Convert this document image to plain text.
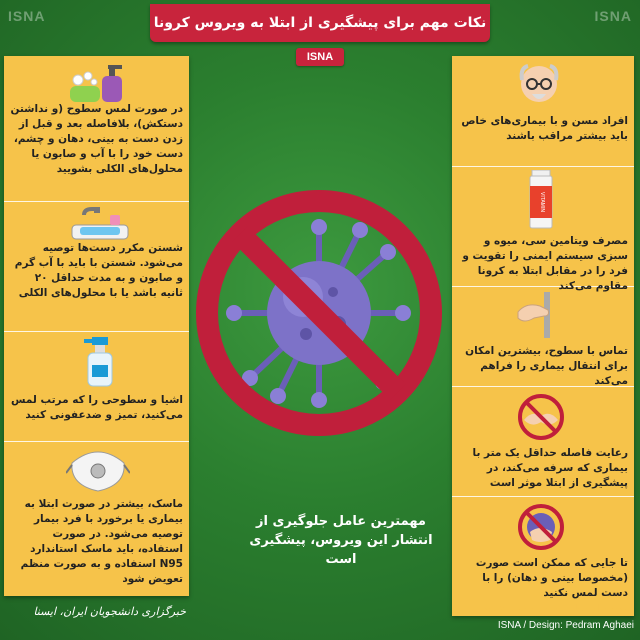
ISNA	ISNA
نکات مهم برای پیشگیری از ابتلا به ویروس کرونا
ISNA
مهمترین عامل جلوگیری از انتشار این ویروس، پیشگیری است
در صورت لمس سطوح (و نداشتن دستکش)، بلافاصله بعد و قبل از زدن دست به بینی، دهان و چشم، دست خود را با آب و صابون یا محلول‌های الکلی بشویید
شستن مکرر دست‌ها توصیه می‌شود. شستن با باید با آب گرم و صابون و به مدت حداقل ۲۰ ثانیه باشد یا با محلول‌های الکلی
اشیا و سطوحی را که مرتب لمس می‌کنید، تمیز و ضدعفونی کنید
ماسک، بیشتر در صورت ابتلا به بیماری یا برخورد با فرد بیمار توصیه می‌شود. در صورت استفاده، باید ماسک استاندارد N95 استفاده و به صورت منظم تعویض شود
افراد مسن و با بیماری‌های خاص باید بیشتر مراقب باشند
VITAMIN
مصرف ویتامین سی، میوه و سبزی سیستم ایمنی را تقویت و فرد را در مقابل ابتلا به کرونا مقاوم می‌کند
تماس با سطوح، بیشترین امکان برای انتقال بیماری را فراهم می‌کند
رعایت فاصله حداقل یک متر با بیماری که سرفه می‌کند، در پیشگیری از ابتلا موثر است
تا جایی که ممکن است صورت (مخصوصا بینی و دهان) را با دست لمس نکنید
منبع داده‌ها: وزارت بهداشت
ISNA / Design: Pedram Aghaei
خبرگزاری دانشجویان ایران، ایسنا
